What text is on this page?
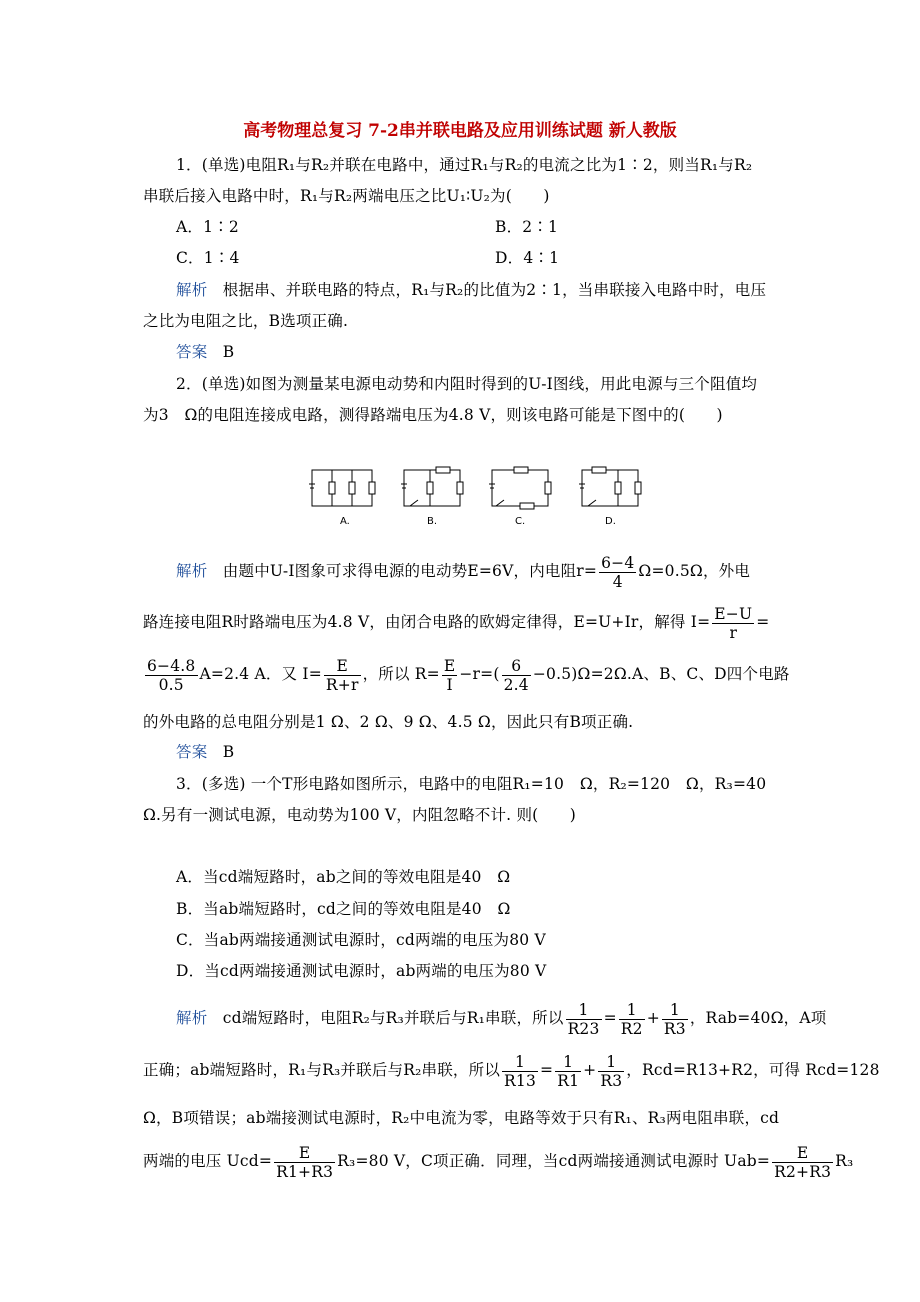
高考物理总复习 7-2串并联电路及应用训练试题 新人教版
1．(单选)电阻R₁与R₂并联在电路中，通过R₁与R₂的电流之比为1∶2，则当R₁与R₂
串联后接入电路中时，R₁与R₂两端电压之比U₁∶U₂为(　　)
A．1∶2	B．2∶1
C．1∶4	D．4∶1
解析 根据串、并联电路的特点，R₁与R₂的比值为2∶1，当串联接入电路中时，电压
之比为电阻之比，B选项正确.
答案 B
2．(单选)如图为测量某电源电动势和内阻时得到的U-I图线，用此电源与三个阻值均
为3　Ω的电阻连接成电路，测得路端电压为4.8 V，则该电路可能是下图中的(　　)
A.	B.	C.	D.
解析 由题中U-I图象可求得电源的电动势E=6V，内电阻$r= \frac{6-4}{4} \Omega=0.5\Omega$，外电
路连接电阻R时路端电压为4.8 V，由闭合电路的欧姆定律得，E=U+Ir，解得 $I= \frac{E-U}{r}$ =
$\frac{6-4.8}{0.5} A=2.4$ A．又 $I= \frac{E}{R+r}$ ，所以 $R= \frac{E}{I} -r=( \frac{6}{2.4} -0.5)\Omega=2\Omega.A$、B、C、D四个电路
的外电路的总电阻分别是1 Ω、2 Ω、9 Ω、4.5 Ω，因此只有B项正确.
答案 B
3．(多选) 一个T形电路如图所示，电路中的电阻R₁=10　Ω，R₂=120　Ω，R₃=40
Ω.另有一测试电源，电动势为100 V，内阻忽略不计. 则(　　)
A．当cd端短路时，ab之间的等效电阻是40　Ω
B．当ab端短路时，cd之间的等效电阻是40　Ω
C．当ab两端接通测试电源时，cd两端的电压为80 V
D．当cd两端接通测试电源时，ab两端的电压为80 V
解析 cd端短路时，电阻R₂与R₃并联后与R₁串联，所以 $\frac{1}{R23} = \frac{1}{R2} + \frac{1}{R3}$ ，Rab=40Ω，A项
正确；ab端短路时，R₁与R₃并联后与R₂串联，所以 $\frac{1}{R13} = \frac{1}{R1} + \frac{1}{R3}$ ，Rcd=R13+R2，可得 Rcd=128
Ω，B项错误；ab端接测试电源时，R₂中电流为零，电路等效于只有R₁、R₃两电阻串联，cd
两端的电压 $Ucd= \frac{E}{R1+R3} R_3=80$ V，C项正确．同理，当cd两端接通测试电源时 $Uab= \frac{E}{R2+R3} R_3$
